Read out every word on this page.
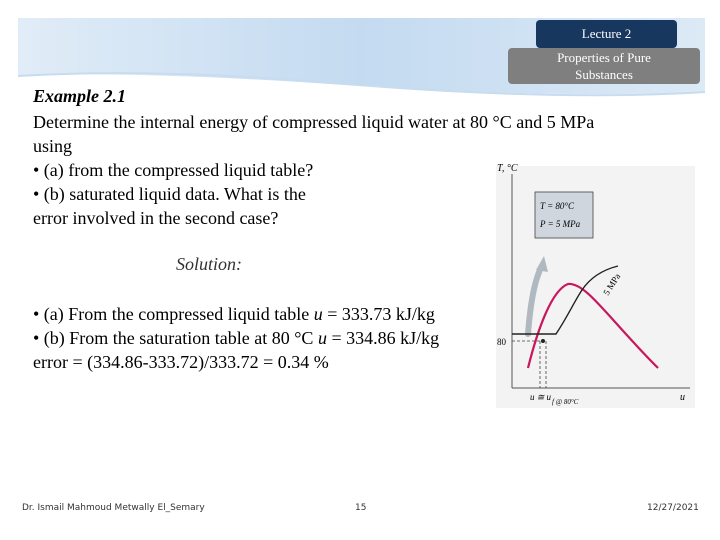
Lecture 2
Properties of Pure
Substances
Example 2.1
Determine the internal energy of compressed liquid water at 80 °C and 5 MPa
using
• (a) from the compressed liquid table?
• (b) saturated liquid data. What is the
error involved in the second case?
Solution:
• (a) From the compressed liquid table u = 333.73 kJ/kg
• (b) From the saturation table at 80 °C u = 334.86 kJ/kg
error = (334.86-333.72)/333.72 = 0.34 %
T, °C
T = 80°C
P = 5 MPa
5 MPa
80
u ≅ u f @ 80°C	u
Dr. Ismail Mahmoud Metwally El_Semary	15	12/27/2021
